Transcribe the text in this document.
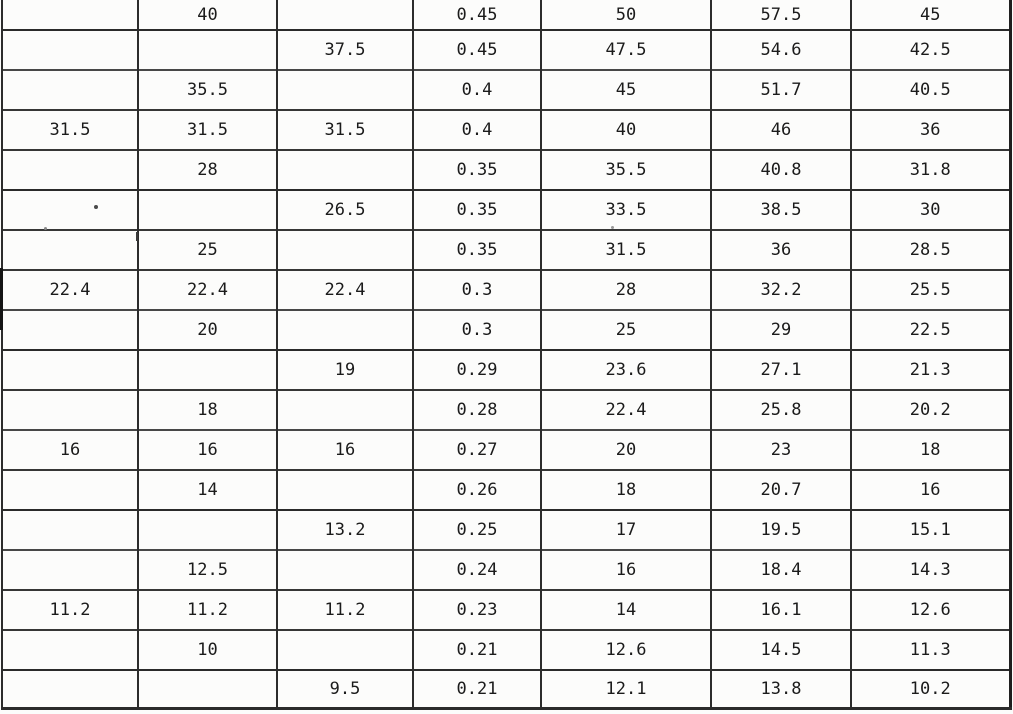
	40		0.45	50	57.5	45
		37.5	0.45	47.5	54.6	42.5
	35.5		0.4	45	51.7	40.5
31.5	31.5	31.5	0.4	40	46	36
	28		0.35	35.5	40.8	31.8
		26.5	0.35	33.5	38.5	30
	25		0.35	31.5	36	28.5
22.4	22.4	22.4	0.3	28	32.2	25.5
	20		0.3	25	29	22.5
		19	0.29	23.6	27.1	21.3
	18		0.28	22.4	25.8	20.2
16	16	16	0.27	20	23	18
	14		0.26	18	20.7	16
		13.2	0.25	17	19.5	15.1
	12.5		0.24	16	18.4	14.3
11.2	11.2	11.2	0.23	14	16.1	12.6
	10		0.21	12.6	14.5	11.3
		9.5	0.21	12.1	13.8	10.2
